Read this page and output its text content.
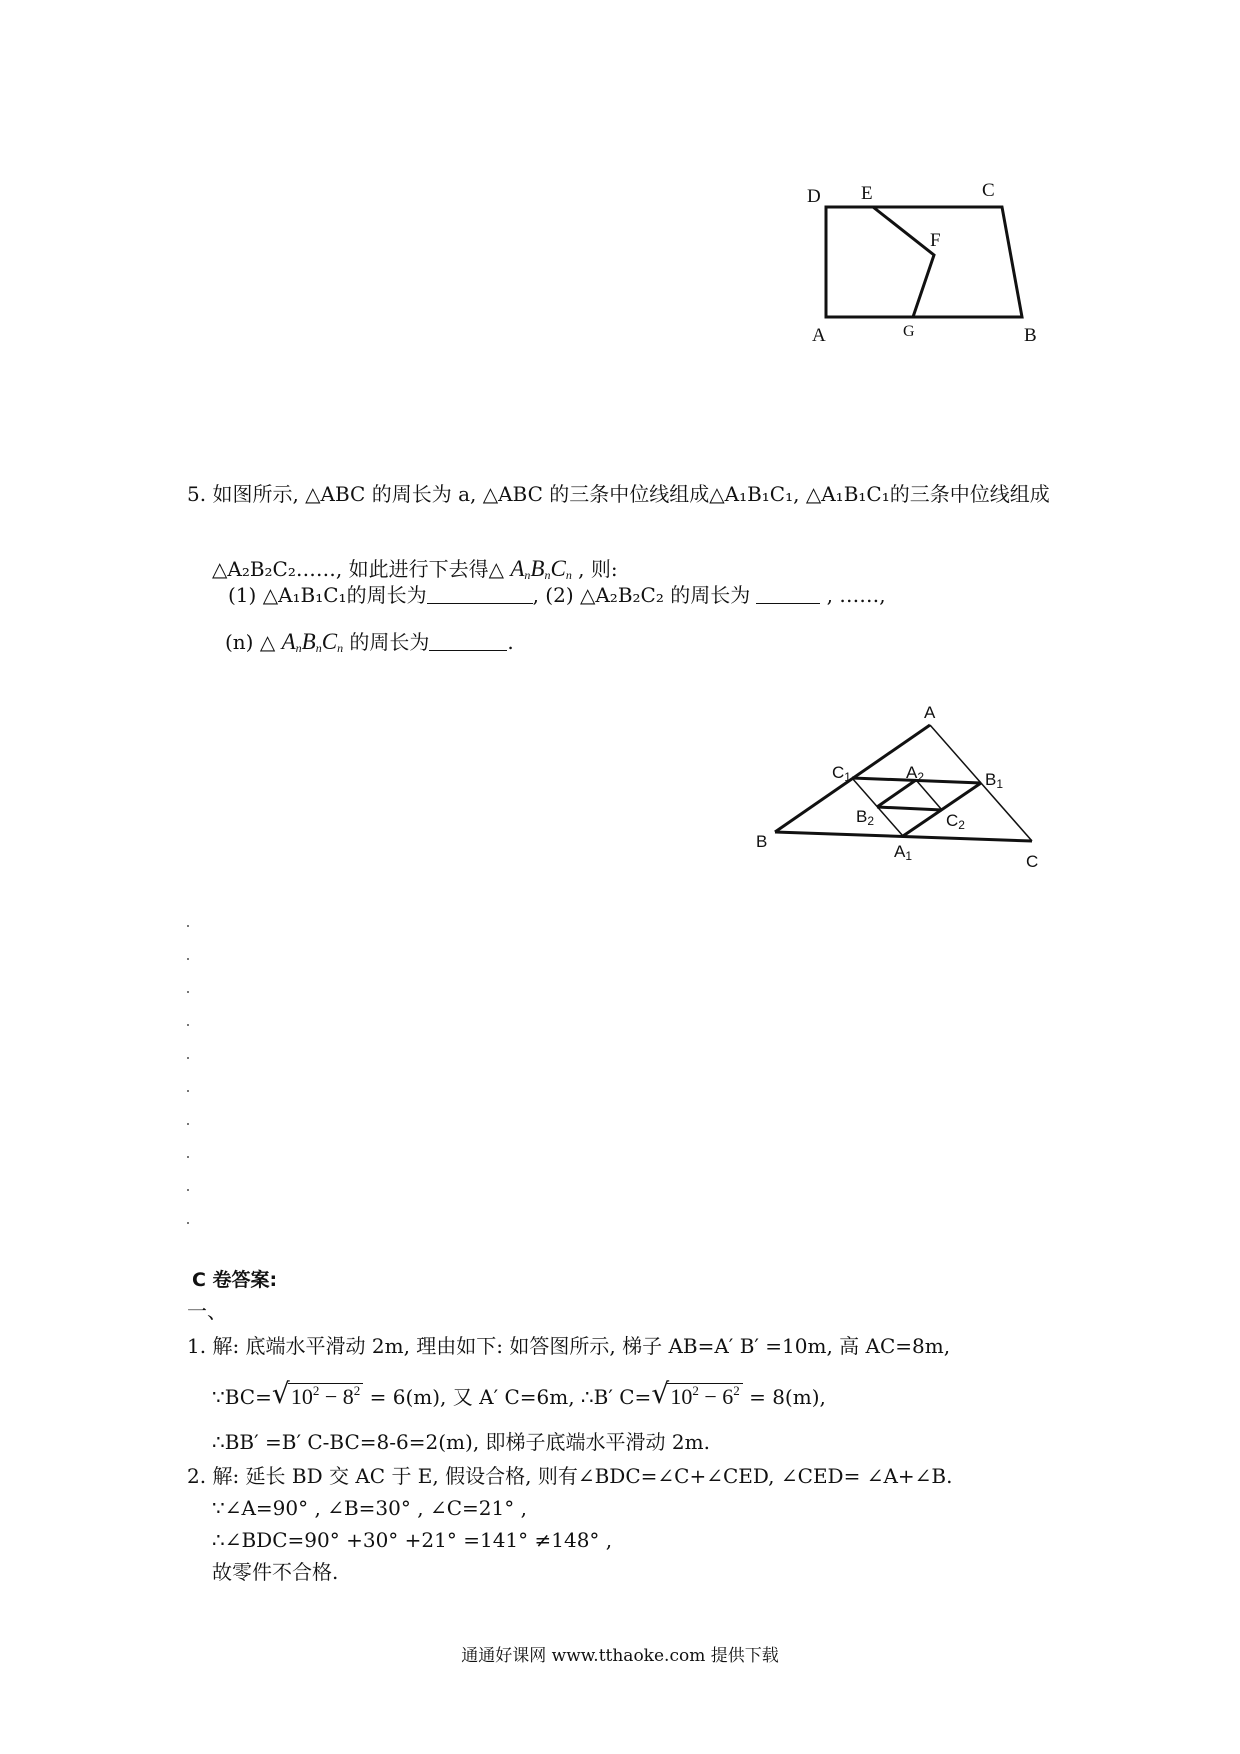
D E	C
F
A	G	B
5. 如图所示, △ABC 的周长为 a, △ABC 的三条中位线组成△A₁B₁C₁, △A₁B₁C₁的三条中位线组成
△A₂B₂C₂……, 如此进行下去得△ $A_nB_nC_n$ , 则:
(1) △A₁B₁C₁的周长为	, (2) △A₂B₂C₂ 的周长为	, ……,
(n) △ $A_nB_nC_n$ 的周长为	.
A
$B_1$
$C_1$	$A_2$
$B_2$	$C_2$
B
$A_1$	C
C 卷答案:
一、
1. 解: 底端水平滑动 2m, 理由如下: 如答图所示, 梯子 AB=A′ B′ =10m, 高 AC=8m,
∵BC= √ $10^2 - 8^2 = 6(m)$, 又 A′ C=6m, ∴B′ C= √ $10^2 - 6^2 = 8(m)$,
∴BB′ =B′ C-BC=8-6=2(m), 即梯子底端水平滑动 2m.
2. 解: 延长 BD 交 AC 于 E, 假设合格, 则有∠BDC=∠C+∠CED, ∠CED= ∠A+∠B.
∵∠A=90° , ∠B=30° , ∠C=21° ,
∴∠BDC=90° +30° +21° =141° ≠148° ,
故零件不合格.
通通好课网 www.tthaoke.com 提供下载
